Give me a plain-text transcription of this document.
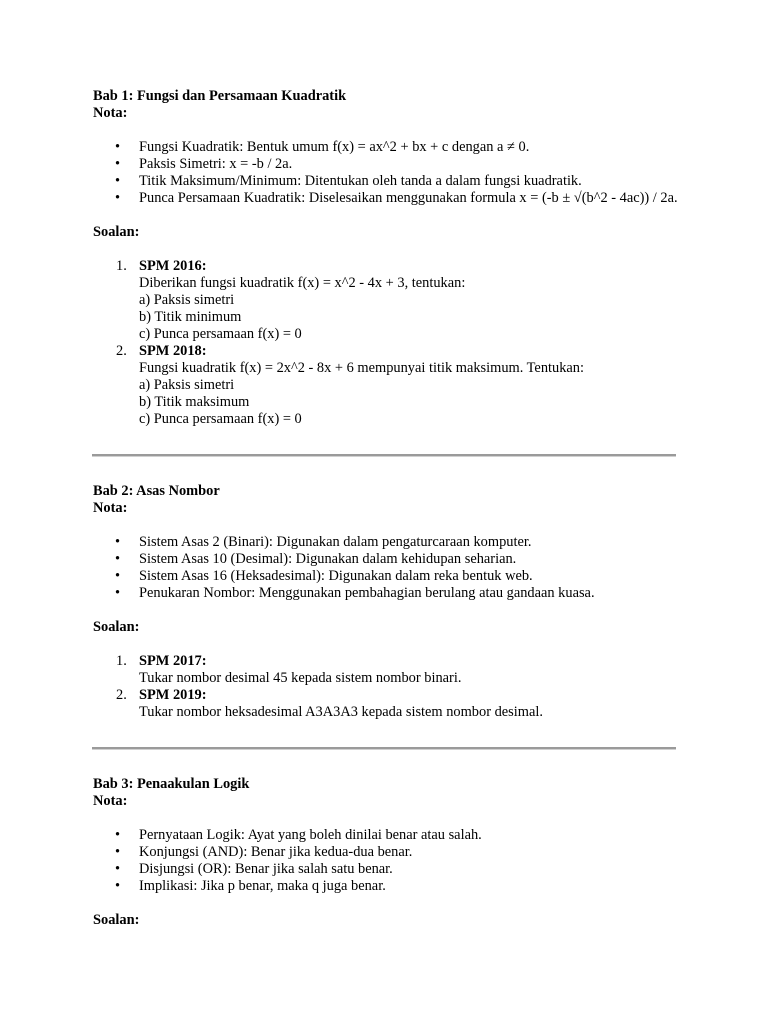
Bab 1: Fungsi dan Persamaan Kuadratik
Nota:
• Fungsi Kuadratik: Bentuk umum f(x) = ax^2 + bx + c dengan a ≠ 0.
• Paksis Simetri: x = -b / 2a.
• Titik Maksimum/Minimum: Ditentukan oleh tanda a dalam fungsi kuadratik.
• Punca Persamaan Kuadratik: Diselesaikan menggunakan formula x = (-b ± √(b^2 - 4ac)) / 2a.
Soalan:
1. SPM 2016:
Diberikan fungsi kuadratik f(x) = x^2 - 4x + 3, tentukan:
a) Paksis simetri
b) Titik minimum
c) Punca persamaan f(x) = 0
2. SPM 2018:
Fungsi kuadratik f(x) = 2x^2 - 8x + 6 mempunyai titik maksimum. Tentukan:
a) Paksis simetri
b) Titik maksimum
c) Punca persamaan f(x) = 0
Bab 2: Asas Nombor
Nota:
• Sistem Asas 2 (Binari): Digunakan dalam pengaturcaraan komputer.
• Sistem Asas 10 (Desimal): Digunakan dalam kehidupan seharian.
• Sistem Asas 16 (Heksadesimal): Digunakan dalam reka bentuk web.
• Penukaran Nombor: Menggunakan pembahagian berulang atau gandaan kuasa.
Soalan:
1. SPM 2017:
Tukar nombor desimal 45 kepada sistem nombor binari.
2. SPM 2019:
Tukar nombor heksadesimal A3A3A3 kepada sistem nombor desimal.
Bab 3: Penaakulan Logik
Nota:
• Pernyataan Logik: Ayat yang boleh dinilai benar atau salah.
• Konjungsi (AND): Benar jika kedua-dua benar.
• Disjungsi (OR): Benar jika salah satu benar.
• Implikasi: Jika p benar, maka q juga benar.
Soalan:
